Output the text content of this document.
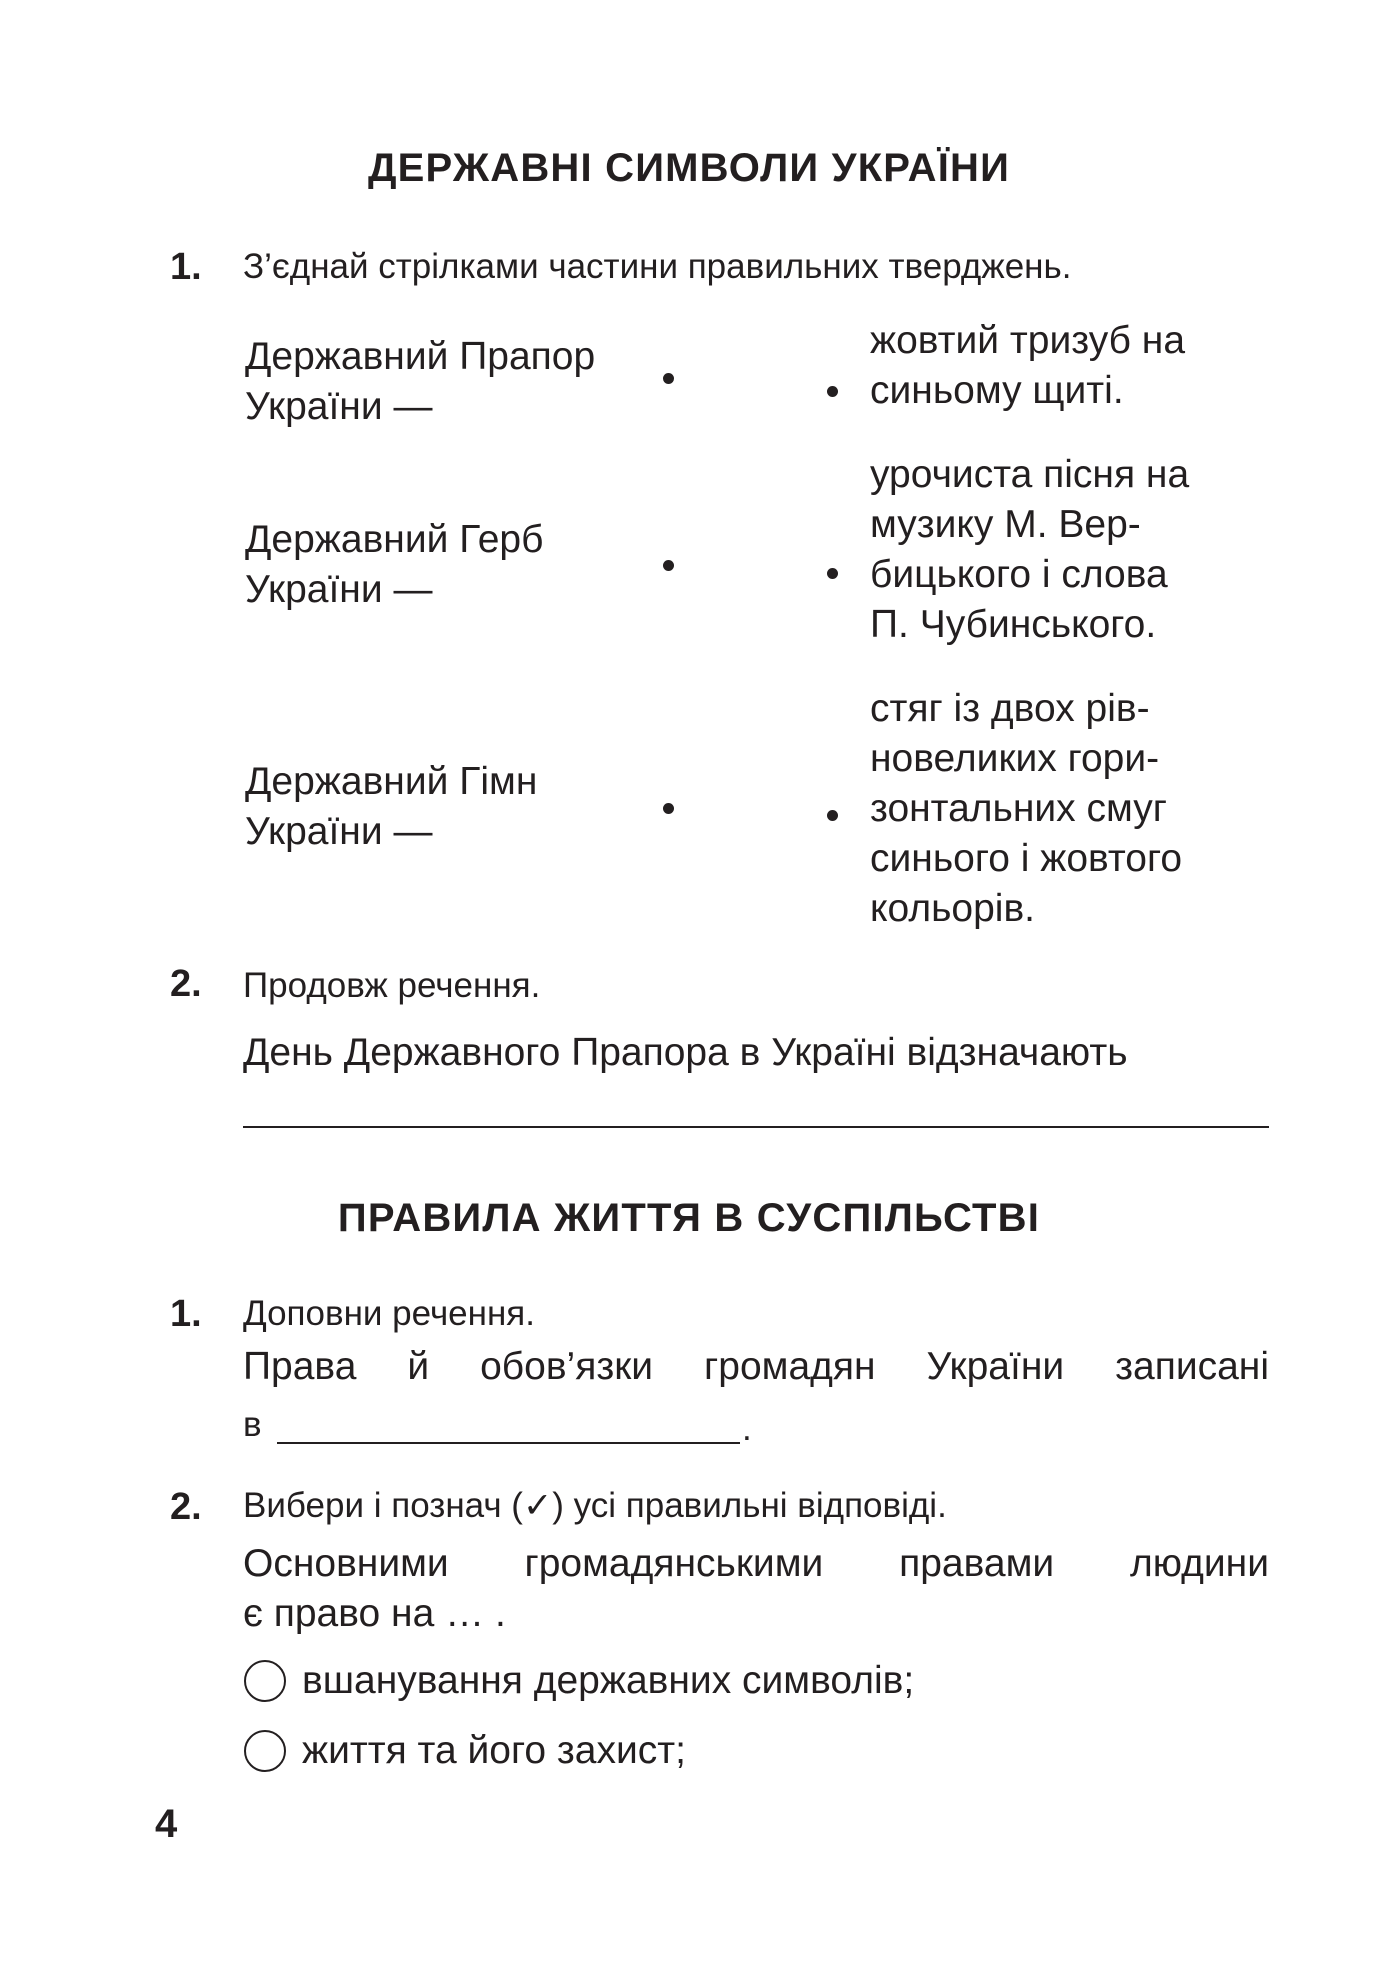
ДЕРЖАВНІ СИМВОЛИ УКРАЇНИ
1. З’єднай стрілками частини правильних тверджень.
Державний Прапор
України —
Державний Герб
України —
Державний Гімн
України —
жовтий тризуб на
синьому щиті.
урочиста пісня на
музику М. Вер-
бицького і слова
П. Чубинського.
стяг із двох рів-
новеликих гори-
зонтальних смуг
синього і жовтого
кольорів.
2. Продовж речення.
День Державного Прапора в Україні відзначають
ПРАВИЛА ЖИТТЯ В СУСПІЛЬСТВІ
1. Доповни речення.
Права й обов’язки громадян України записані
в	.
2. Вибери і познач (✓) усі правильні відповіді.
Основними громадянськими правами людини
є право на … .
вшанування державних символів;
життя та його захист;
4
